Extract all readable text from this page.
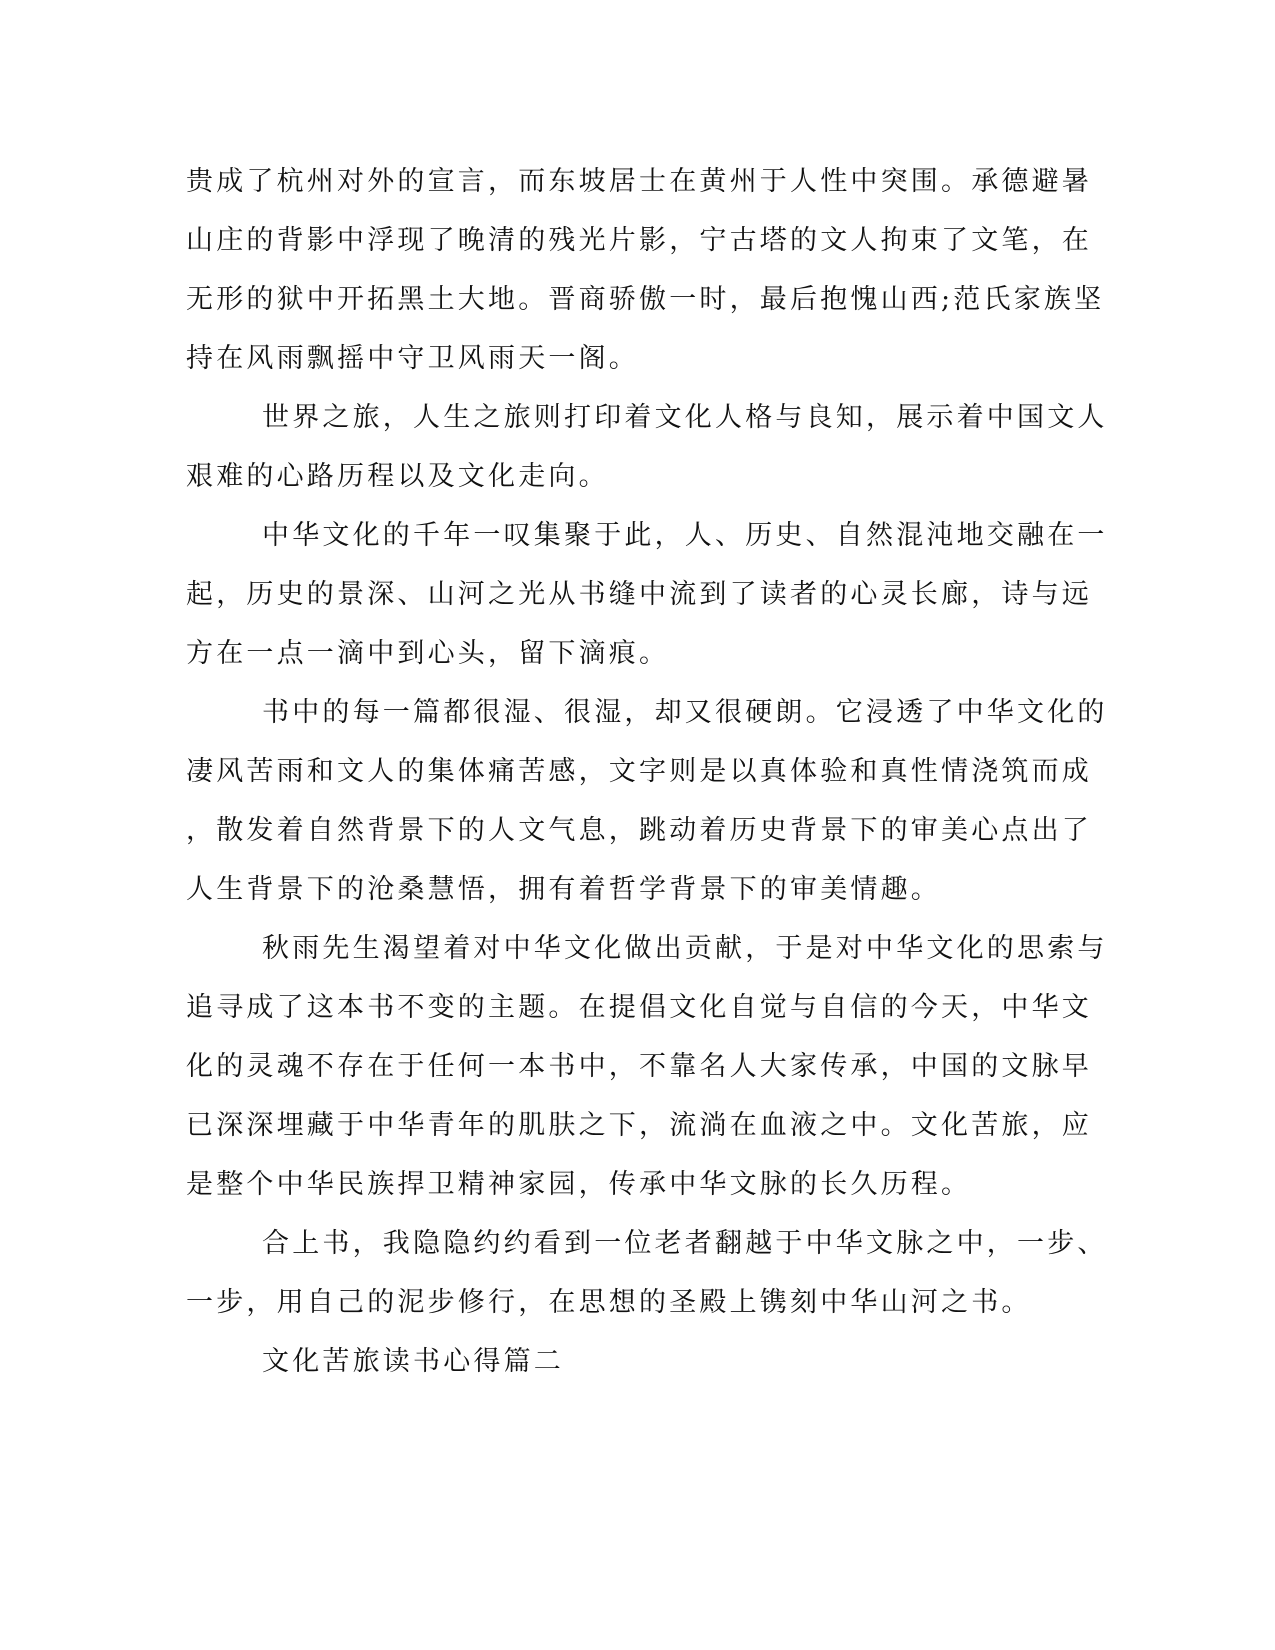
贵成了杭州对外的宣言，而东坡居士在黄州于人性中突围。承德避暑
山庄的背影中浮现了晚清的残光片影，宁古塔的文人拘束了文笔，在
无形的狱中开拓黑土大地。晋商骄傲一时，最后抱愧山西;范氏家族坚
持在风雨飘摇中守卫风雨天一阁。
世界之旅，人生之旅则打印着文化人格与良知，展示着中国文人
艰难的心路历程以及文化走向。
中华文化的千年一叹集聚于此，人、历史、自然混沌地交融在一
起，历史的景深、山河之光从书缝中流到了读者的心灵长廊，诗与远
方在一点一滴中到心头，留下滴痕。
书中的每一篇都很湿、很湿，却又很硬朗。它浸透了中华文化的
凄风苦雨和文人的集体痛苦感，文字则是以真体验和真性情浇筑而成
，散发着自然背景下的人文气息，跳动着历史背景下的审美心点出了
人生背景下的沧桑慧悟，拥有着哲学背景下的审美情趣。
秋雨先生渴望着对中华文化做出贡献，于是对中华文化的思索与
追寻成了这本书不变的主题。在提倡文化自觉与自信的今天，中华文
化的灵魂不存在于任何一本书中，不靠名人大家传承，中国的文脉早
已深深埋藏于中华青年的肌肤之下，流淌在血液之中。文化苦旅，应
是整个中华民族捍卫精神家园，传承中华文脉的长久历程。
合上书，我隐隐约约看到一位老者翻越于中华文脉之中，一步、
一步，用自己的泥步修行，在思想的圣殿上镌刻中华山河之书。
文化苦旅读书心得篇二
